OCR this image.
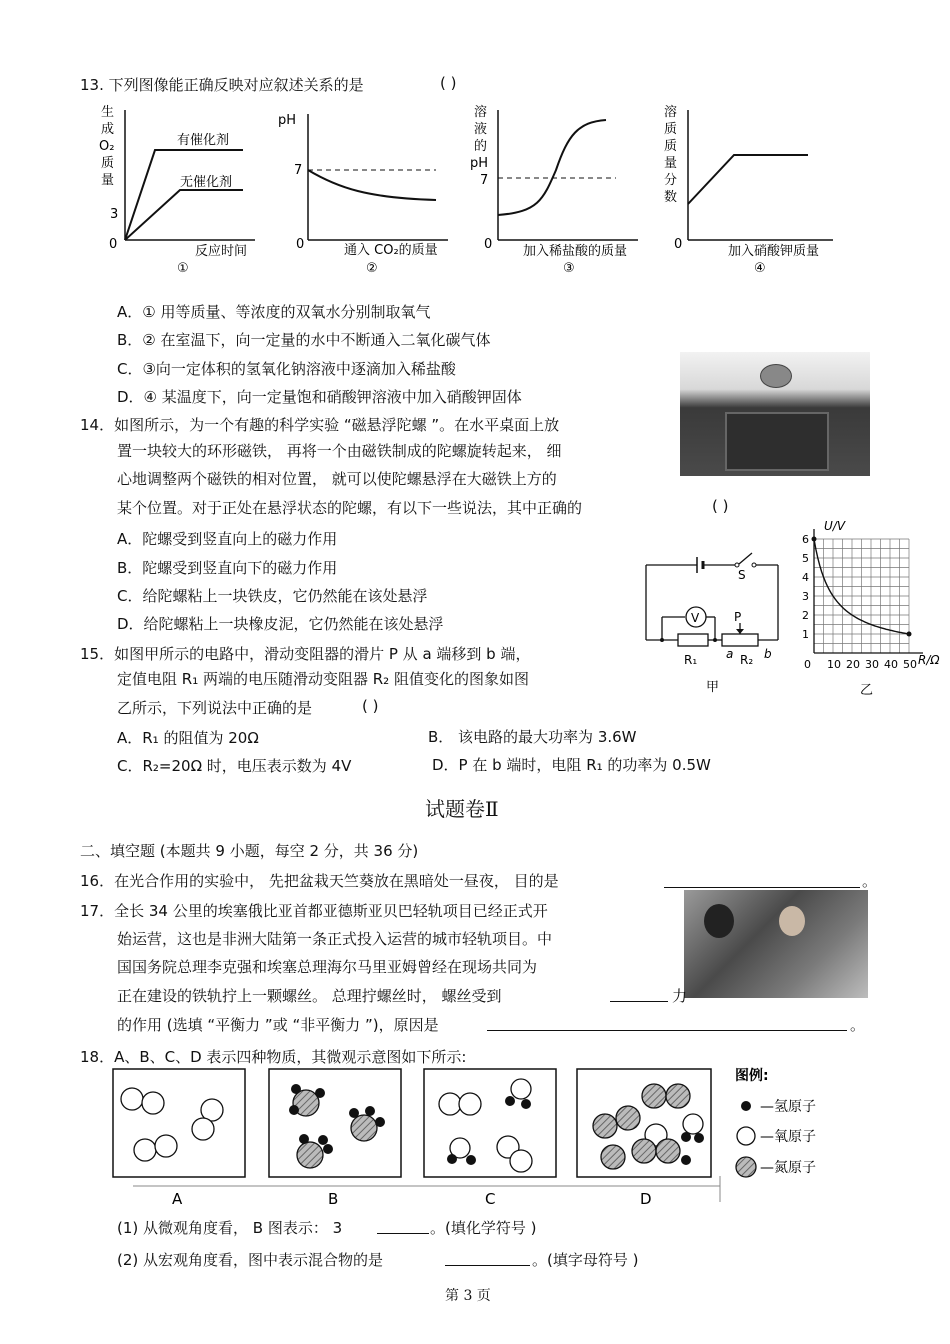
13. 下列图像能正确反映对应叙述关系的是	( )
生
成
O₂
质
量
3
0
有催化剂
无催化剂
反应时间
①
pH
7
0	通入 CO₂的质量
②
溶
液
的
pH
7
0 加入稀盐酸的质量
③
溶
质
质
量
分
数
0	加入硝酸钾质量
④
A．① 用等质量、等浓度的双氧水分别制取氧气
B．② 在室温下，向一定量的水中不断通入二氧化碳气体
C．③向一定体积的氢氧化钠溶液中逐滴加入稀盐酸
D．④ 某温度下，向一定量饱和硝酸钾溶液中加入硝酸钾固体
14．如图所示，为一个有趣的科学实验 “磁悬浮陀螺 ”。在水平桌面上放
置一块较大的环形磁铁， 再将一个由磁铁制成的陀螺旋转起来， 细
心地调整两个磁铁的相对位置， 就可以使陀螺悬浮在大磁铁上方的
某个位置。对于正处在悬浮状态的陀螺，有以下一些说法，其中正确的	( )
A．陀螺受到竖直向上的磁力作用
B．陀螺受到竖直向下的磁力作用
C．给陀螺粘上一块铁皮，它仍然能在该处悬浮
D．给陀螺粘上一块橡皮泥，它仍然能在该处悬浮
S
P
V
R₁ a R₂ b
甲
1
2
3
4
5
6
0 10 20 30 40 50
U/V
R/Ω
乙
15．如图甲所示的电路中，滑动变阻器的滑片 P 从 a 端移到 b 端，
定值电阻 R₁ 两端的电压随滑动变阻器 R₂ 阻值变化的图象如图
乙所示，下列说法中正确的是	( )
A．R₁ 的阻值为 20Ω	B． 该电路的最大功率为 3.6W
C．R₂=20Ω 时，电压表示数为 4V	D．P 在 b 端时，电阻 R₁ 的功率为 0.5W
试题卷Ⅱ
二、填空题 (本题共 9 小题，每空 2 分，共 36 分)
16．在光合作用的实验中， 先把盆栽天竺葵放在黑暗处一昼夜， 目的是	。
17．全长 34 公里的埃塞俄比亚首都亚德斯亚贝巴轻轨项目已经正式开
始运营，这也是非洲大陆第一条正式投入运营的城市轻轨项目。中
国国务院总理李克强和埃塞总理海尔马里亚姆曾经在现场共同为
正在建设的铁轨拧上一颗螺丝。 总理拧螺丝时， 螺丝受到	力
的作用 (选填 “平衡力 ”或 “非平衡力 ”)，原因是	。
18．A、B、C、D 表示四种物质，其微观示意图如下所示:
A	B	C	D
图例:
—氢原子
—氧原子
—氮原子
(1) 从微观角度看， B 图表示： 3	。(填化学符号 )
(2) 从宏观角度看，图中表示混合物的是	。(填字母符号 )
第 3 页
